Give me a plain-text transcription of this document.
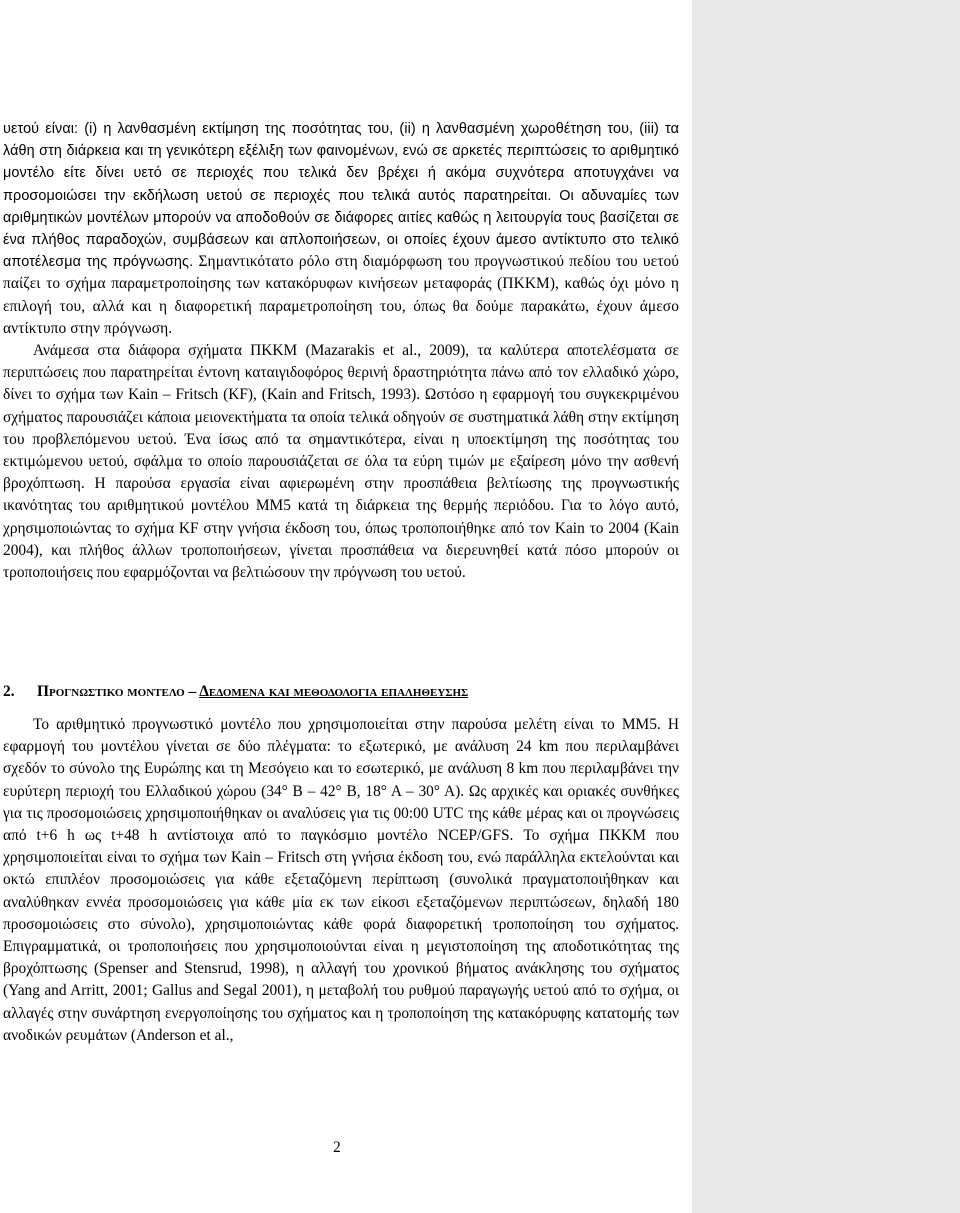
υετού είναι: (i) η λανθασμένη εκτίμηση της ποσότητας του, (ii) η λανθασμένη χωροθέτηση του, (iii) τα λάθη στη διάρκεια και τη γενικότερη εξέλιξη των φαινομένων, ενώ σε αρκετές περιπτώσεις το αριθμητικό μοντέλο είτε δίνει υετό σε περιοχές που τελικά δεν βρέχει ή ακόμα συχνότερα αποτυγχάνει να προσομοιώσει την εκδήλωση υετού σε περιοχές που τελικά αυτός παρατηρείται. Οι αδυναμίες των αριθμητικών μοντέλων μπορούν να αποδοθούν σε διάφορες αιτίες καθώς η λειτουργία τους βασίζεται σε ένα πλήθος παραδοχών, συμβάσεων και απλοποιήσεων, οι οποίες έχουν άμεσο αντίκτυπο στο τελικό αποτέλεσμα της πρόγνωσης. Σημαντικότατο ρόλο στη διαμόρφωση του προγνωστικού πεδίου του υετού παίζει το σχήμα παραμετροποίησης των κατακόρυφων κινήσεων μεταφοράς (ΠΚΚΜ), καθώς όχι μόνο η επιλογή του, αλλά και η διαφορετική παραμετροποίηση του, όπως θα δούμε παρακάτω, έχουν άμεσο αντίκτυπο στην πρόγνωση.

Ανάμεσα στα διάφορα σχήματα ΠΚΚΜ (Mazarakis et al., 2009), τα καλύτερα αποτελέσματα σε περιπτώσεις που παρατηρείται έντονη καταιγιδοφόρος θερινή δραστηριότητα πάνω από τον ελλαδικό χώρο, δίνει το σχήμα των Kain – Fritsch (KF), (Kain and Fritsch, 1993). Ωστόσο η εφαρμογή του συγκεκριμένου σχήματος παρουσιάζει κάποια μειονεκτήματα τα οποία τελικά οδηγούν σε συστηματικά λάθη στην εκτίμηση του προβλεπόμενου υετού. Ένα ίσως από τα σημαντικότερα, είναι η υποεκτίμηση της ποσότητας του εκτιμώμενου υετού, σφάλμα το οποίο παρουσιάζεται σε όλα τα εύρη τιμών με εξαίρεση μόνο την ασθενή βροχόπτωση. Η παρούσα εργασία είναι αφιερωμένη στην προσπάθεια βελτίωσης της προγνωστικής ικανότητας του αριθμητικού μοντέλου MM5 κατά τη διάρκεια της θερμής περιόδου. Για το λόγο αυτό, χρησιμοποιώντας το σχήμα KF στην γνήσια έκδοση του, όπως τροποποιήθηκε από τον Kain το 2004 (Kain 2004), και πλήθος άλλων τροποποιήσεων, γίνεται προσπάθεια να διερευνηθεί κατά πόσο μπορούν οι τροποποιήσεις που εφαρμόζονται να βελτιώσουν την πρόγνωση του υετού.

2. Προγνωστικο μοντελο – Δεδομενα και μεθοδολογια επαληθευσης

Το αριθμητικό προγνωστικό μοντέλο που χρησιμοποιείται στην παρούσα μελέτη είναι το MM5. Η εφαρμογή του μοντέλου γίνεται σε δύο πλέγματα: το εξωτερικό, με ανάλυση 24 km που περιλαμβάνει σχεδόν το σύνολο της Ευρώπης και τη Μεσόγειο και το εσωτερικό, με ανάλυση 8 km που περιλαμβάνει την ευρύτερη περιοχή του Ελλαδικού χώρου (34° Β – 42° Β, 18° Α – 30° Α). Ως αρχικές και οριακές συνθήκες για τις προσομοιώσεις χρησιμοποιήθηκαν οι αναλύσεις για τις 00:00 UTC της κάθε μέρας και οι προγνώσεις από t+6 h ως t+48 h αντίστοιχα από το παγκόσμιο μοντέλο NCEP/GFS. Το σχήμα ΠΚΚΜ που χρησιμοποιείται είναι το σχήμα των Kain – Fritsch στη γνήσια έκδοση του, ενώ παράλληλα εκτελούνται και οκτώ επιπλέον προσομοιώσεις για κάθε εξεταζόμενη περίπτωση (συνολικά πραγματοποιήθηκαν και αναλύθηκαν εννέα προσομοιώσεις για κάθε μία εκ των είκοσι εξεταζόμενων περιπτώσεων, δηλαδή 180 προσομοιώσεις στο σύνολο), χρησιμοποιώντας κάθε φορά διαφορετική τροποποίηση του σχήματος. Επιγραμματικά, οι τροποποιήσεις που χρησιμοποιούνται είναι η μεγιστοποίηση της αποδοτικότητας της βροχόπτωσης (Spenser and Stensrud, 1998), η αλλαγή του χρονικού βήματος ανάκλησης του σχήματος (Yang and Arritt, 2001; Gallus and Segal 2001), η μεταβολή του ρυθμού παραγωγής υετού από το σχήμα, οι αλλαγές στην συνάρτηση ενεργοποίησης του σχήματος και η τροποποίηση της κατακόρυφης κατατομής των ανοδικών ρευμάτων (Anderson et al.,

2
